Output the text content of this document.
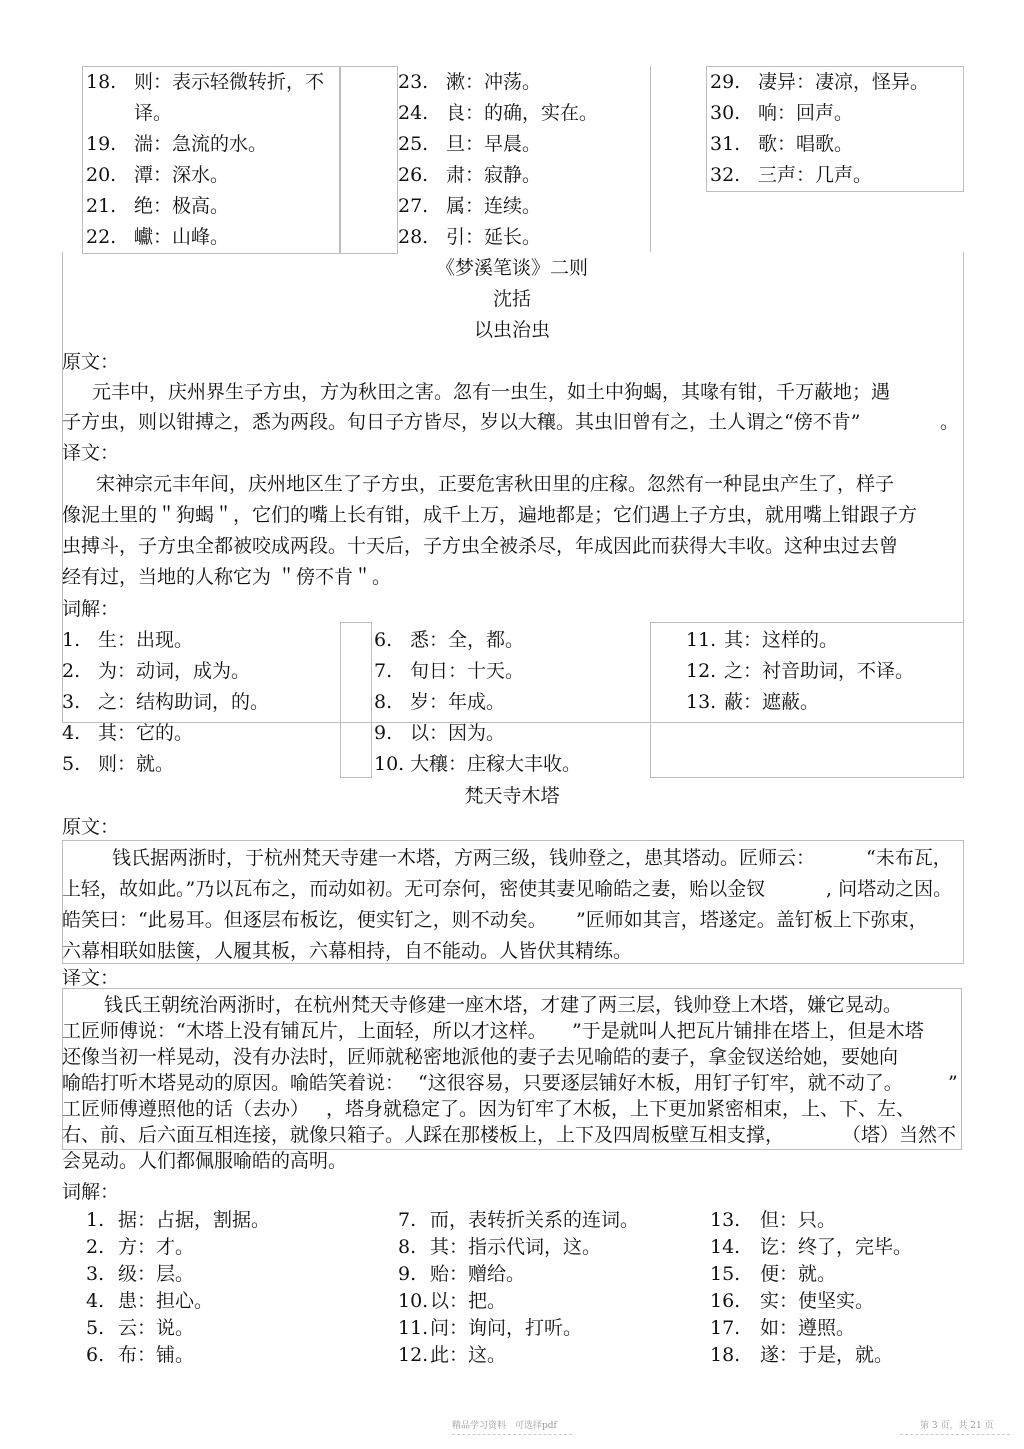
18. 则：表示轻微转折，不
译。
19. 湍：急流的水。
20. 潭：深水。
21. 绝：极高。
22. 巘：山峰。
23. 漱：冲荡。
24. 良：的确，实在。
25. 旦：早晨。
26. 肃：寂静。
27. 属：连续。
28. 引：延长。
29. 凄异：凄凉，怪异。
30. 响：回声。
31. 歌：唱歌。
32. 三声：几声。
《梦溪笔谈》二则
沈括
以虫治虫
原文：
元丰中，庆州界生子方虫，方为秋田之害。忽有一虫生，如土中狗蝎，其喙有钳，千万蔽地；遇
子方虫，则以钳搏之，悉为两段。旬日子方皆尽，岁以大穰。其虫旧曾有之，土人谓之“傍不肯”	。
译文：
宋神宗元丰年间，庆州地区生了子方虫，正要危害秋田里的庄稼。忽然有一种昆虫产生了，样子
像泥土里的＂狗蝎＂，它们的嘴上长有钳，成千上万，遍地都是；它们遇上子方虫，就用嘴上钳跟子方
虫搏斗，子方虫全都被咬成两段。十天后，子方虫全被杀尽，年成因此而获得大丰收。这种虫过去曾
经有过，当地的人称它为 ＂傍不肯＂。
词解：
1. 生：出现。
2. 为：动词，成为。
3. 之：结构助词，的。
4. 其：它的。
5. 则：就。
6. 悉：全，都。
7. 旬日：十天。
8. 岁：年成。
9. 以：因为。
10. 大穰：庄稼大丰收。
11. 其：这样的。
12. 之：衬音助词，不译。
13. 蔽：遮蔽。
梵天寺木塔
原文：
钱氏据两浙时，于杭州梵天寺建一木塔，方两三级，钱帅登之，患其塔动。匠师云：	“未布瓦，
上轻，故如此。”乃以瓦布之，而动如初。无可奈何，密使其妻见喻皓之妻，贻以金钗	, 问塔动之因。
皓笑曰：“此易耳。但逐层布板讫，便实钉之，则不动矣。 ”匠师如其言，塔遂定。盖钉板上下弥束，
六幕相联如胠箧，人履其板，六幕相持，自不能动。人皆伏其精练。
译文：
钱氏王朝统治两浙时，在杭州梵天寺修建一座木塔，才建了两三层，钱帅登上木塔，嫌它晃动。
工匠师傅说：“木塔上没有铺瓦片，上面轻，所以才这样。 ”于是就叫人把瓦片铺排在塔上，但是木塔
还像当初一样晃动，没有办法时，匠师就秘密地派他的妻子去见喻皓的妻子，拿金钗送给她，要她向
喻皓打听木塔晃动的原因。喻皓笑着说： “这很容易，只要逐层铺好木板，用钉子钉牢，就不动了。 ”
工匠师傅遵照他的话（去办） ，塔身就稳定了。因为钉牢了木板，上下更加紧密相束，上、下、左、
右、前、后六面互相连接，就像只箱子。人踩在那楼板上，上下及四周板壁互相支撑，	（塔）当然不
会晃动。人们都佩服喻皓的高明。
词解：
1. 据：占据，割据。
2. 方：才。
3. 级：层。
4. 患：担心。
5. 云：说。
6. 布：铺。
7. 而，表转折关系的连词。
8. 其：指示代词，这。
9. 贻：赠给。
10.以：把。
11.问：询问，打听。
12.此：这。
13. 但：只。
14. 讫：终了，完毕。
15. 便：就。
16. 实：使坚实。
17. 如：遵照。
18. 遂：于是，就。
精品学习资料　可选择pdf	第 3 页，共 21 页
